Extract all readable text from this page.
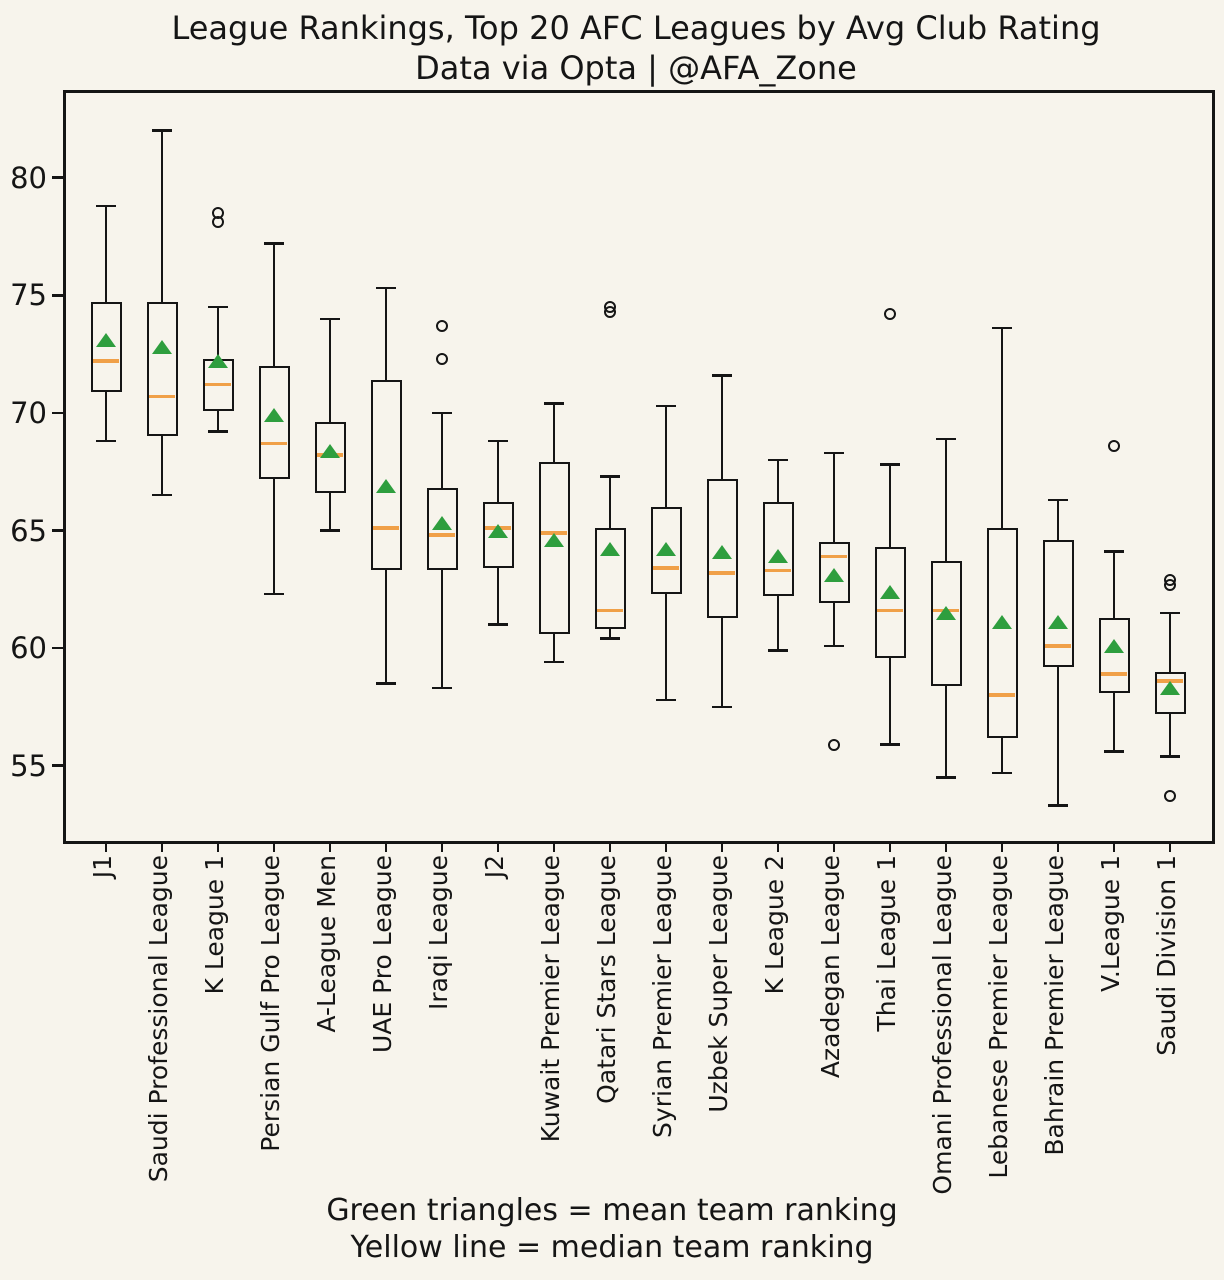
League Rankings, Top 20 AFC Leagues by Avg Club Rating
Data via Opta | @AFA_Zone
55
60
65
70
75
80
Green triangles = mean team ranking
Yellow line = median team ranking
J1 Saudi Professional League K League 1 Persian Gulf Pro League A-League Men UAE Pro League Iraqi League J2 Kuwait Premier League Qatari Stars League Syrian Premier League Uzbek Super League K League 2 Azadegan League Thai League 1 Omani Professional League Lebanese Premier League Bahrain Premier League V.League 1 Saudi Division 1
